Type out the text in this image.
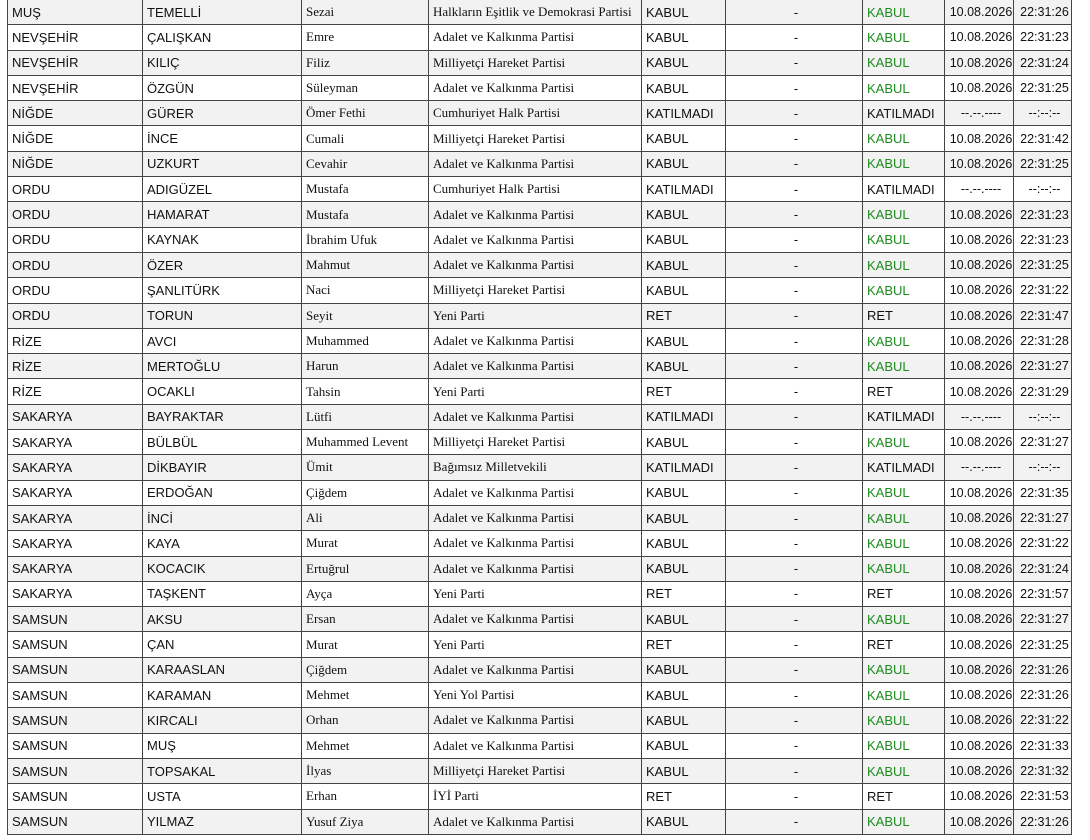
MUŞ	TEMELLİ	Sezai	Halkların Eşitlik ve Demokrasi Partisi	KABUL	-	KABUL	10.08.2026	22:31:26
NEVŞEHİR	ÇALIŞKAN	Emre	Adalet ve Kalkınma Partisi	KABUL	-	KABUL	10.08.2026	22:31:23
NEVŞEHİR	KILIÇ	Filiz	Milliyetçi Hareket Partisi	KABUL	-	KABUL	10.08.2026	22:31:24
NEVŞEHİR	ÖZGÜN	Süleyman	Adalet ve Kalkınma Partisi	KABUL	-	KABUL	10.08.2026	22:31:25
NİĞDE	GÜRER	Ömer Fethi	Cumhuriyet Halk Partisi	KATILMADI	-	KATILMADI	--.--.----	--:--:--
NİĞDE	İNCE	Cumali	Milliyetçi Hareket Partisi	KABUL	-	KABUL	10.08.2026	22:31:42
NİĞDE	UZKURT	Cevahir	Adalet ve Kalkınma Partisi	KABUL	-	KABUL	10.08.2026	22:31:25
ORDU	ADIGÜZEL	Mustafa	Cumhuriyet Halk Partisi	KATILMADI	-	KATILMADI	--.--.----	--:--:--
ORDU	HAMARAT	Mustafa	Adalet ve Kalkınma Partisi	KABUL	-	KABUL	10.08.2026	22:31:23
ORDU	KAYNAK	İbrahim Ufuk	Adalet ve Kalkınma Partisi	KABUL	-	KABUL	10.08.2026	22:31:23
ORDU	ÖZER	Mahmut	Adalet ve Kalkınma Partisi	KABUL	-	KABUL	10.08.2026	22:31:25
ORDU	ŞANLITÜRK	Naci	Milliyetçi Hareket Partisi	KABUL	-	KABUL	10.08.2026	22:31:22
ORDU	TORUN	Seyit	Yeni Parti	RET	-	RET	10.08.2026	22:31:47
RİZE	AVCI	Muhammed	Adalet ve Kalkınma Partisi	KABUL	-	KABUL	10.08.2026	22:31:28
RİZE	MERTOĞLU	Harun	Adalet ve Kalkınma Partisi	KABUL	-	KABUL	10.08.2026	22:31:27
RİZE	OCAKLI	Tahsin	Yeni Parti	RET	-	RET	10.08.2026	22:31:29
SAKARYA	BAYRAKTAR	Lütfi	Adalet ve Kalkınma Partisi	KATILMADI	-	KATILMADI	--.--.----	--:--:--
SAKARYA	BÜLBÜL	Muhammed Levent	Milliyetçi Hareket Partisi	KABUL	-	KABUL	10.08.2026	22:31:27
SAKARYA	DİKBAYIR	Ümit	Bağımsız Milletvekili	KATILMADI	-	KATILMADI	--.--.----	--:--:--
SAKARYA	ERDOĞAN	Çiğdem	Adalet ve Kalkınma Partisi	KABUL	-	KABUL	10.08.2026	22:31:35
SAKARYA	İNCİ	Ali	Adalet ve Kalkınma Partisi	KABUL	-	KABUL	10.08.2026	22:31:27
SAKARYA	KAYA	Murat	Adalet ve Kalkınma Partisi	KABUL	-	KABUL	10.08.2026	22:31:22
SAKARYA	KOCACIK	Ertuğrul	Adalet ve Kalkınma Partisi	KABUL	-	KABUL	10.08.2026	22:31:24
SAKARYA	TAŞKENT	Ayça	Yeni Parti	RET	-	RET	10.08.2026	22:31:57
SAMSUN	AKSU	Ersan	Adalet ve Kalkınma Partisi	KABUL	-	KABUL	10.08.2026	22:31:27
SAMSUN	ÇAN	Murat	Yeni Parti	RET	-	RET	10.08.2026	22:31:25
SAMSUN	KARAASLAN	Çiğdem	Adalet ve Kalkınma Partisi	KABUL	-	KABUL	10.08.2026	22:31:26
SAMSUN	KARAMAN	Mehmet	Yeni Yol Partisi	KABUL	-	KABUL	10.08.2026	22:31:26
SAMSUN	KIRCALI	Orhan	Adalet ve Kalkınma Partisi	KABUL	-	KABUL	10.08.2026	22:31:22
SAMSUN	MUŞ	Mehmet	Adalet ve Kalkınma Partisi	KABUL	-	KABUL	10.08.2026	22:31:33
SAMSUN	TOPSAKAL	İlyas	Milliyetçi Hareket Partisi	KABUL	-	KABUL	10.08.2026	22:31:32
SAMSUN	USTA	Erhan	İYİ Parti	RET	-	RET	10.08.2026	22:31:53
SAMSUN	YILMAZ	Yusuf Ziya	Adalet ve Kalkınma Partisi	KABUL	-	KABUL	10.08.2026	22:31:26
